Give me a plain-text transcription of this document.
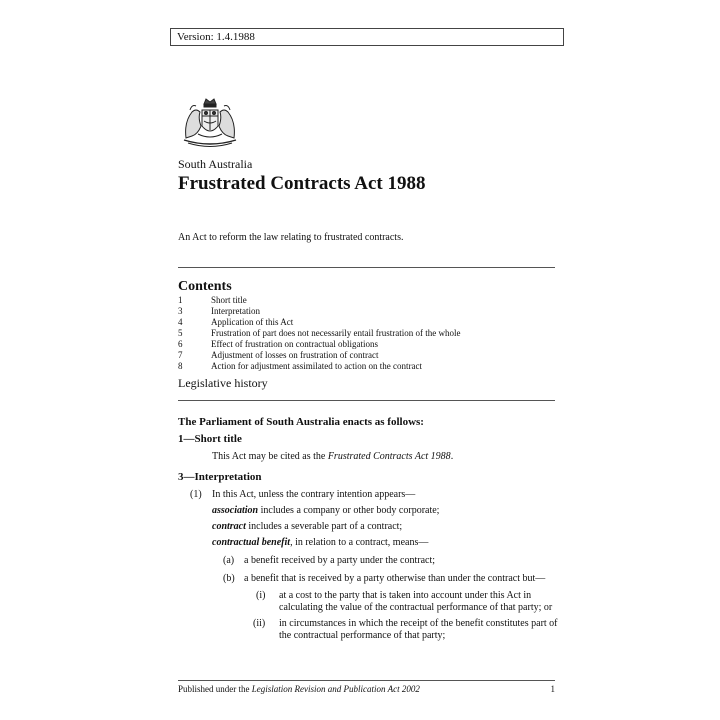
Version: 1.4.1988
South Australia
Frustrated Contracts Act 1988
An Act to reform the law relating to frustrated contracts.
Contents
1	Short title
3	Interpretation
4	Application of this Act
5	Frustration of part does not necessarily entail frustration of the whole
6	Effect of frustration on contractual obligations
7	Adjustment of losses on frustration of contract
8	Action for adjustment assimilated to action on the contract
Legislative history
The Parliament of South Australia enacts as follows:
1—Short title
This Act may be cited as the Frustrated Contracts Act 1988.
3—Interpretation
(1) In this Act, unless the contrary intention appears—
association includes a company or other body corporate;
contract includes a severable part of a contract;
contractual benefit, in relation to a contract, means—
(a) a benefit received by a party under the contract;
(b) a benefit that is received by a party otherwise than under the contract but—
(i) at a cost to the party that is taken into account under this Act in calculating the value of the contractual performance of that party; or
(ii) in circumstances in which the receipt of the benefit constitutes part of the contractual performance of that party;
Published under the Legislation Revision and Publication Act 2002	1
